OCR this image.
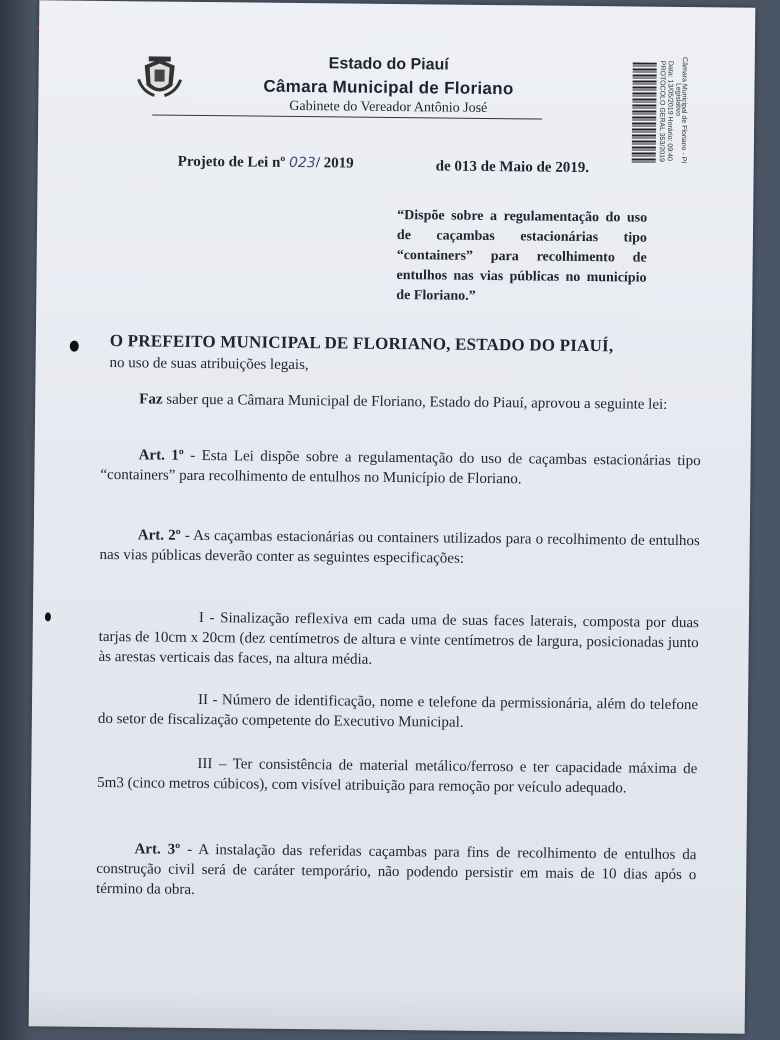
Estado do Piauí
Câmara Municipal de Floriano
Gabinete do Vereador Antônio José	Câmara Municipal de Floriano - PI
PROTOCOLO GERAL 353/2019 Data: 13/05/2019 Horário: 09:40 Legislativo
Projeto de Lei nº 023/ 2019	de 013 de Maio de 2019.
“Dispõe sobre a regulamentação do uso de caçambas estacionárias tipo “containers” para recolhimento de entulhos nas vias públicas no município de Floriano.”
O PREFEITO MUNICIPAL DE FLORIANO, ESTADO DO PIAUÍ,
no uso de suas atribuições legais,
Faz saber que a Câmara Municipal de Floriano, Estado do Piauí, aprovou a seguinte lei:
Art. 1º - Esta Lei dispõe sobre a regulamentação do uso de caçambas estacionárias tipo “containers” para recolhimento de entulhos no Município de Floriano.
Art. 2º - As caçambas estacionárias ou containers utilizados para o recolhimento de entulhos nas vias públicas deverão conter as seguintes especificações:
I - Sinalização reflexiva em cada uma de suas faces laterais, composta por duas tarjas de 10cm x 20cm (dez centímetros de altura e vinte centímetros de largura, posicionadas junto às arestas verticais das faces, na altura média.
II - Número de identificação, nome e telefone da permissionária, além do telefone do setor de fiscalização competente do Executivo Municipal.
III – Ter consistência de material metálico/ferroso e ter capacidade máxima de 5m3 (cinco metros cúbicos), com visível atribuição para remoção por veículo adequado.
Art. 3º - A instalação das referidas caçambas para fins de recolhimento de entulhos da construção civil será de caráter temporário, não podendo persistir em mais de 10 dias após o término da obra.
